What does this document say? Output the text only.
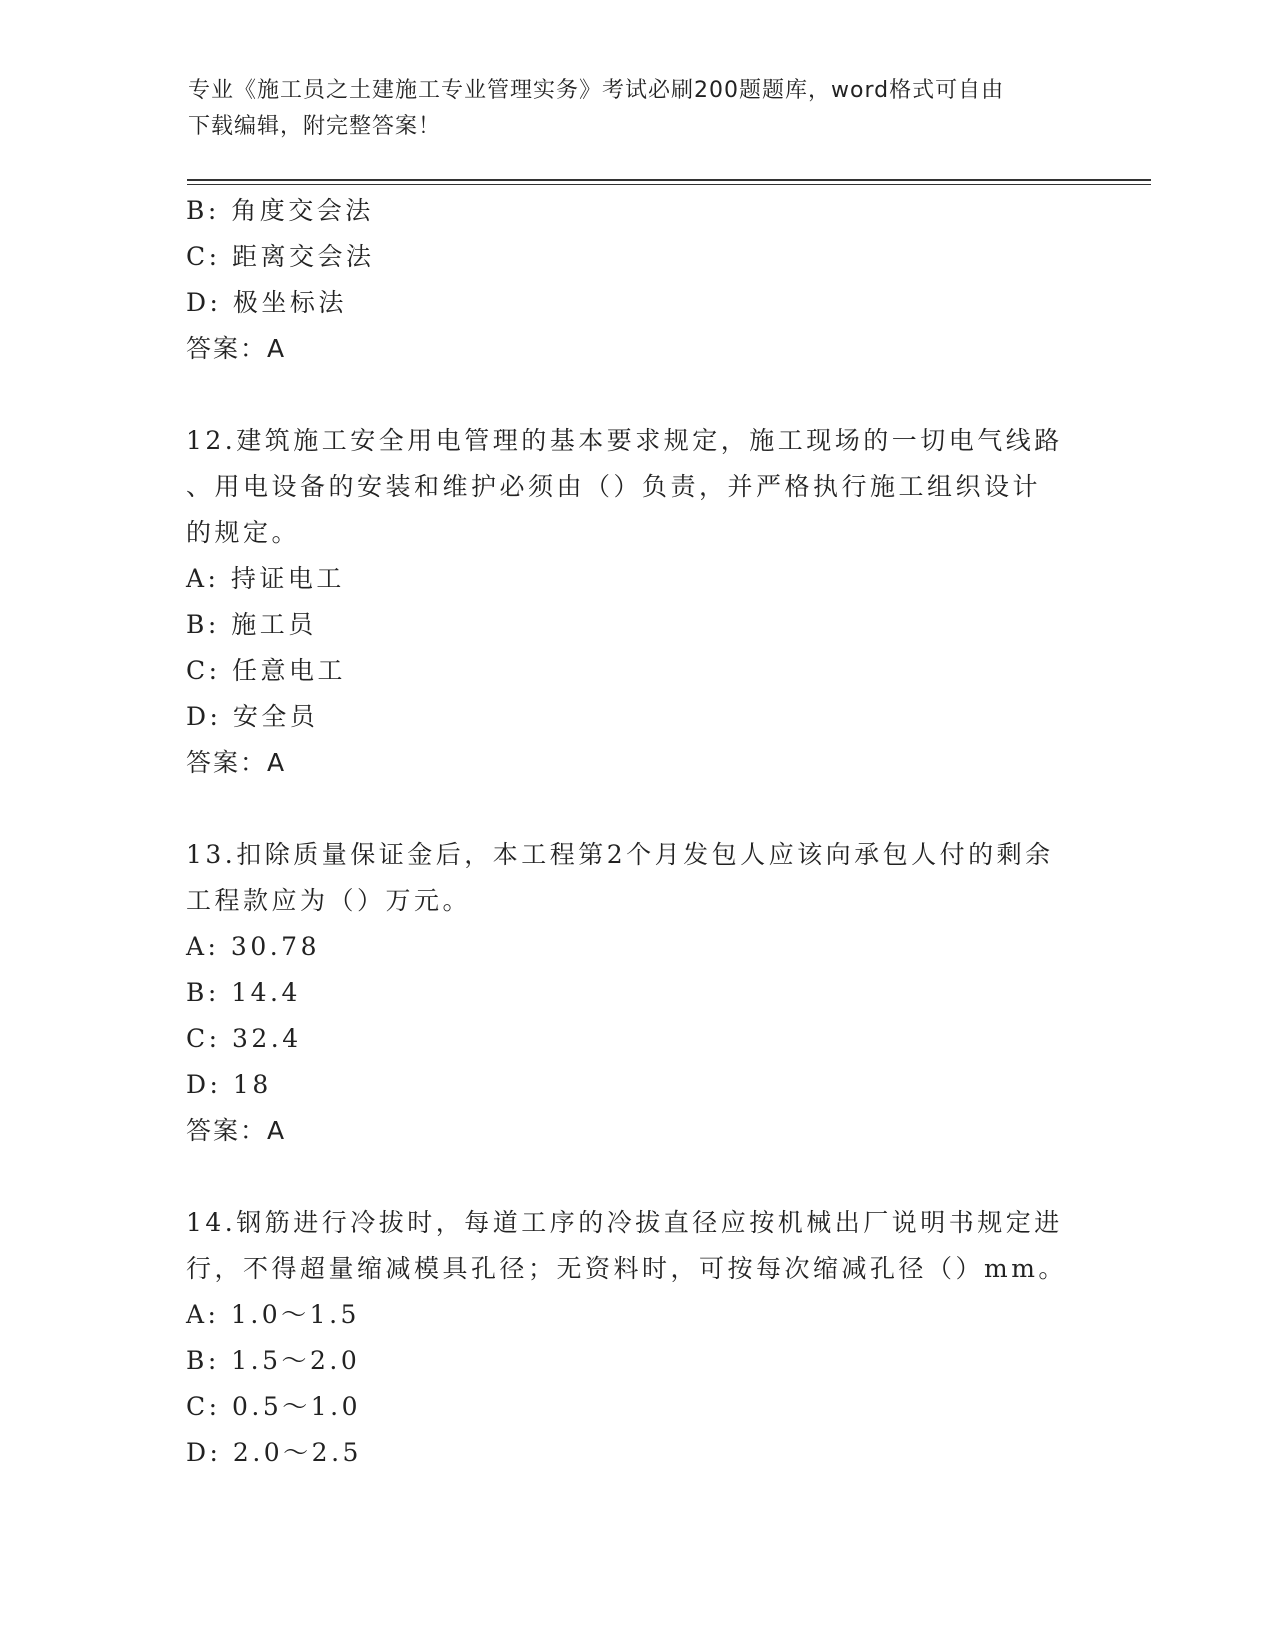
专业《施工员之土建施工专业管理实务》考试必刷200题题库，word格式可自由
下载编辑，附完整答案！
B: 角度交会法
C: 距离交会法
D: 极坐标法
答案：A
12.建筑施工安全用电管理的基本要求规定，施工现场的一切电气线路
、用电设备的安装和维护必须由（）负责，并严格执行施工组织设计
的规定。
A: 持证电工
B: 施工员
C: 任意电工
D: 安全员
答案：A
13.扣除质量保证金后，本工程第2个月发包人应该向承包人付的剩余
工程款应为（）万元。
A: 30.78
B: 14.4
C: 32.4
D: 18
答案：A
14.钢筋进行冷拔时，每道工序的冷拔直径应按机械出厂说明书规定进
行，不得超量缩减模具孔径；无资料时，可按每次缩减孔径（）mm。
A: 1.0～1.5
B: 1.5～2.0
C: 0.5～1.0
D: 2.0～2.5
